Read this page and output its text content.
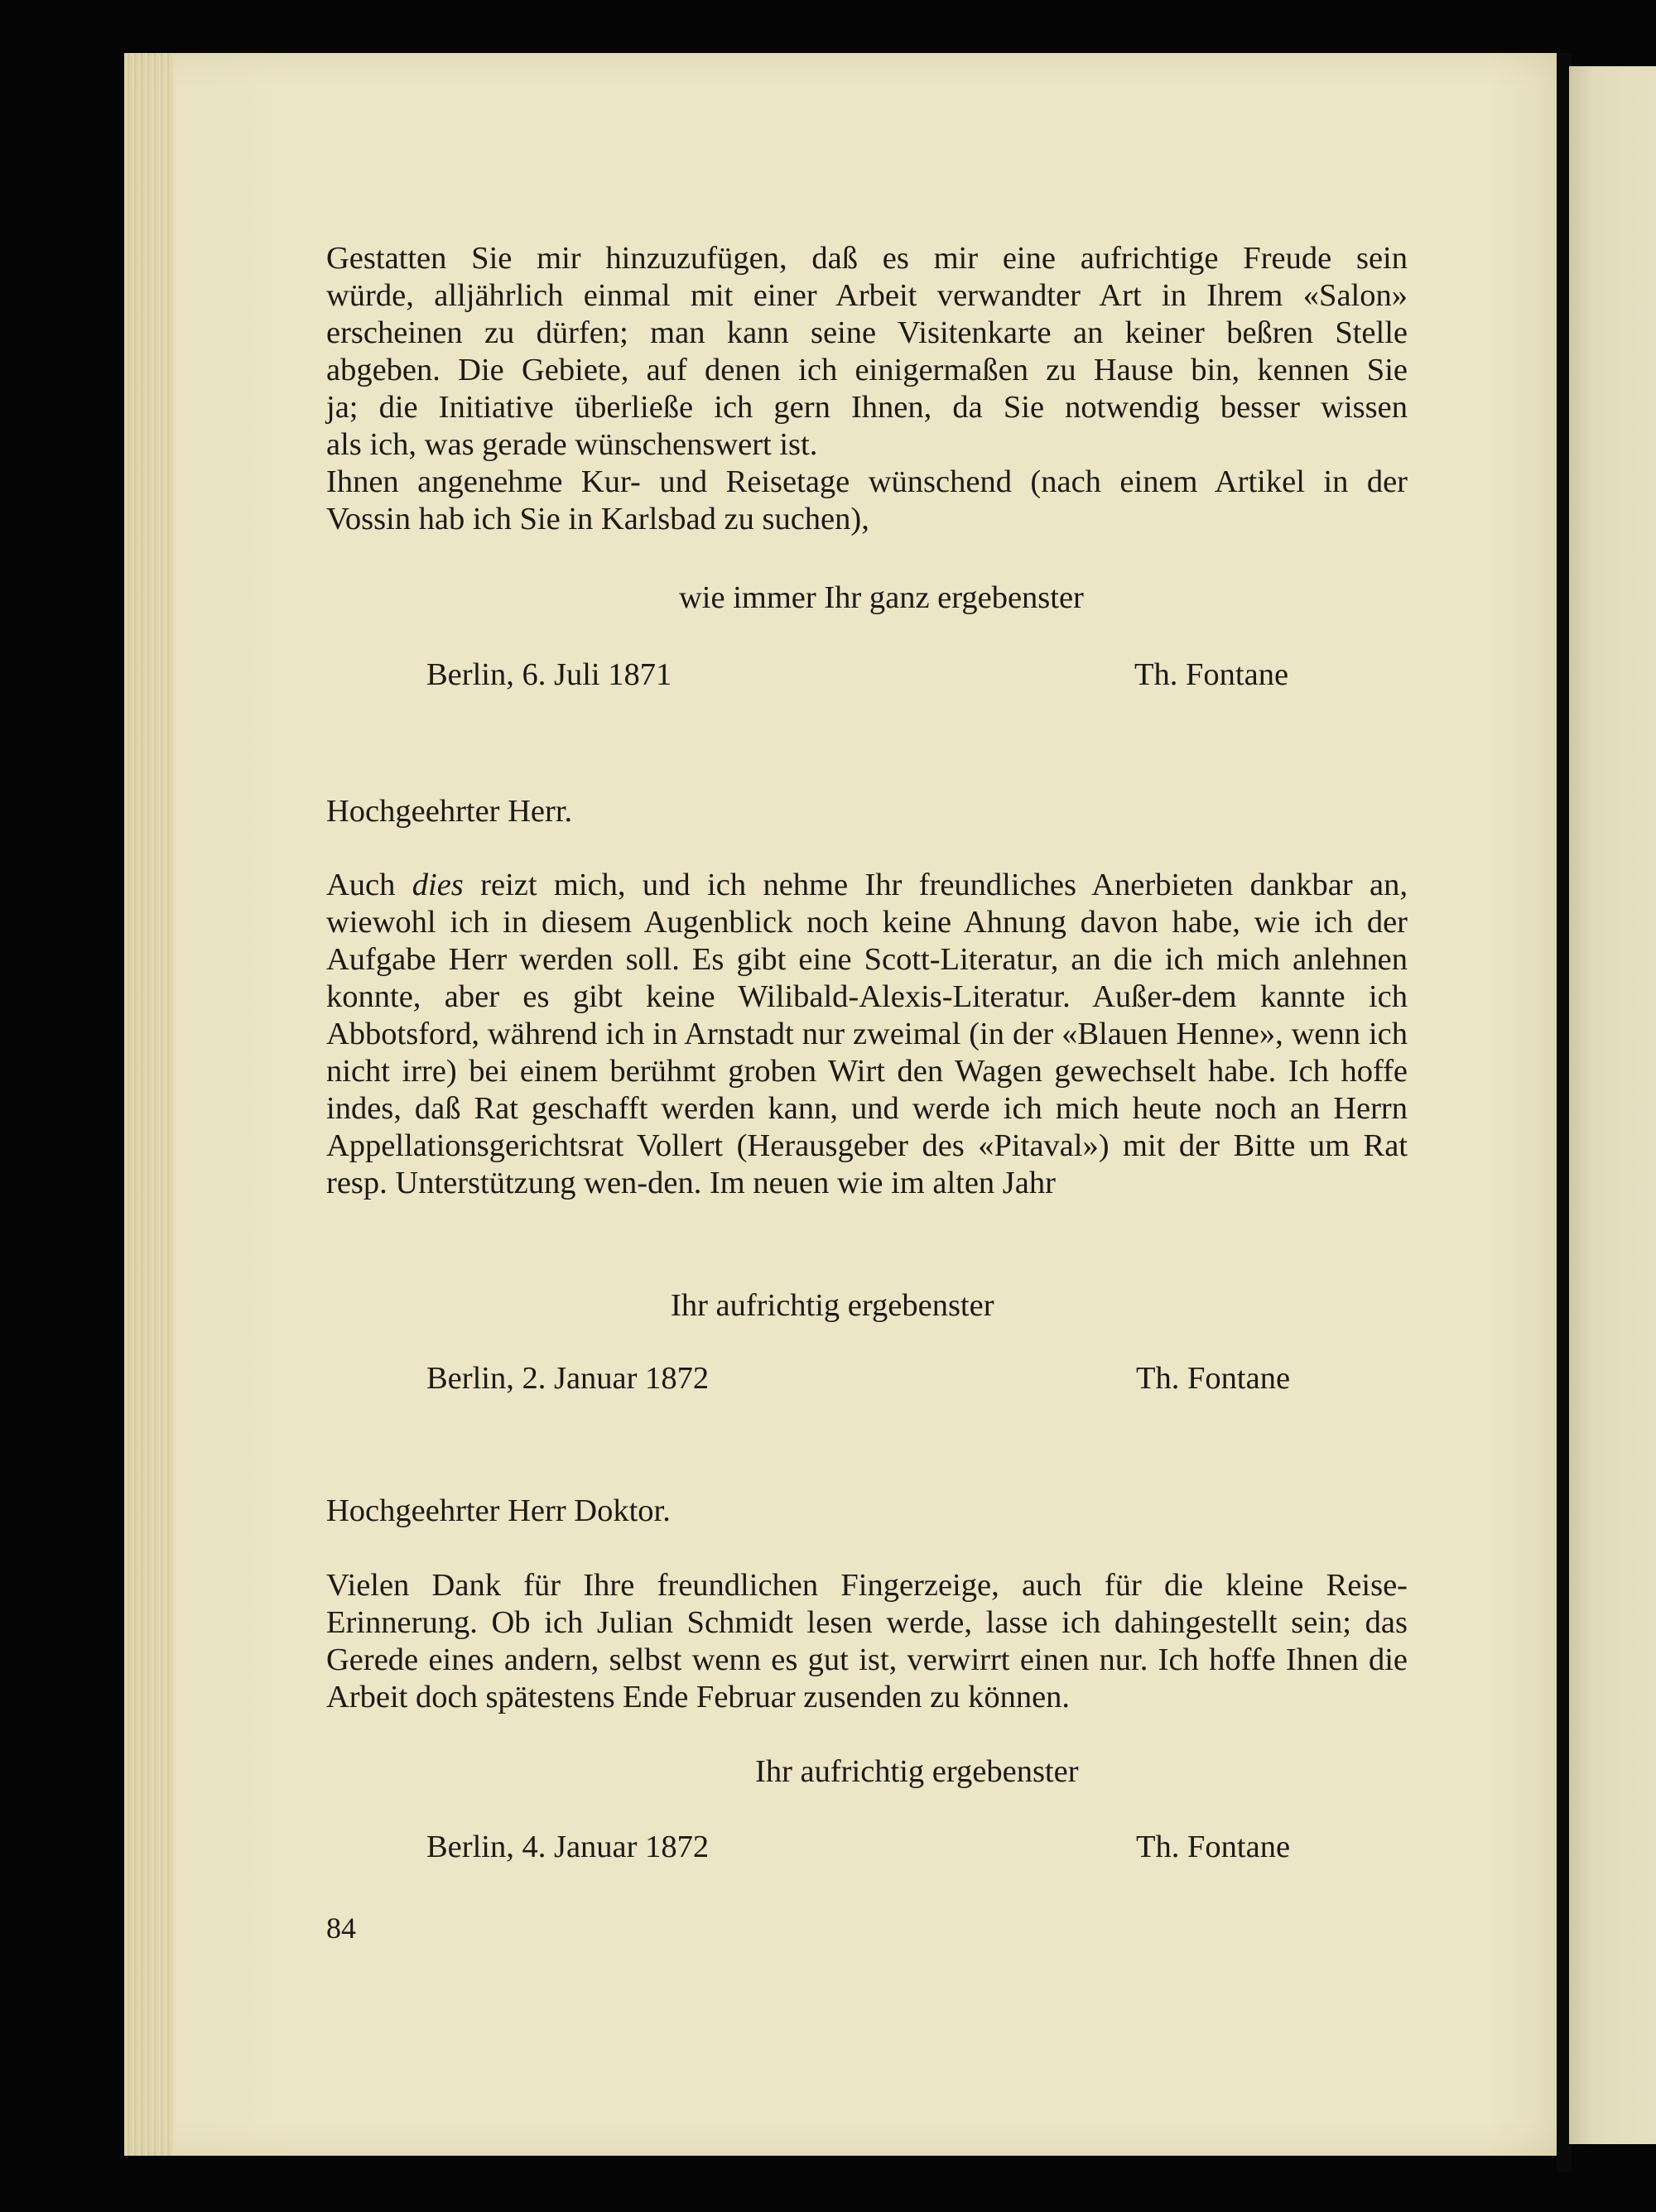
Gestatten Sie mir hinzuzufügen, daß es mir eine aufrichtige Freude sein
würde, alljährlich einmal mit einer Arbeit verwandter Art in Ihrem «Salon»
erscheinen zu dürfen; man kann seine Visitenkarte an keiner beßren Stelle
abgeben. Die Gebiete, auf denen ich einigermaßen zu Hause bin, kennen Sie
ja; die Initiative überließe ich gern Ihnen, da Sie notwendig besser wissen
als ich, was gerade wünschenswert ist.
Ihnen angenehme Kur- und Reisetage wünschend (nach einem Artikel in der
Vossin hab ich Sie in Karlsbad zu suchen),
wie immer Ihr ganz ergebenster
Berlin, 6. Juli 1871	Th. Fontane
Hochgeehrter Herr.

Auch dies reizt mich, und ich nehme Ihr freundliches Anerbieten dankbar an, wiewohl ich in diesem Augenblick noch keine Ahnung davon habe, wie ich der Aufgabe Herr werden soll. Es gibt eine Scott-Literatur, an die ich mich anlehnen konnte, aber es gibt keine Wilibald-Alexis-Literatur. Außer-dem kannte ich Abbotsford, während ich in Arnstadt nur zweimal (in der «Blauen Henne», wenn ich nicht irre) bei einem berühmt groben Wirt den Wagen gewechselt habe. Ich hoffe indes, daß Rat geschafft werden kann, und werde ich mich heute noch an Herrn Appellationsgerichtsrat Vollert (Herausgeber des «Pitaval») mit der Bitte um Rat resp. Unterstützung wen-den. Im neuen wie im alten Jahr

Ihr aufrichtig ergebenster
Berlin, 2. Januar 1872	Th. Fontane
Hochgeehrter Herr Doktor.

Vielen Dank für Ihre freundlichen Fingerzeige, auch für die kleine Reise-Erinnerung. Ob ich Julian Schmidt lesen werde, lasse ich dahingestellt sein; das Gerede eines andern, selbst wenn es gut ist, verwirrt einen nur. Ich hoffe Ihnen die Arbeit doch spätestens Ende Februar zusenden zu können.

Ihr aufrichtig ergebenster
Berlin, 4. Januar 1872	Th. Fontane
84
